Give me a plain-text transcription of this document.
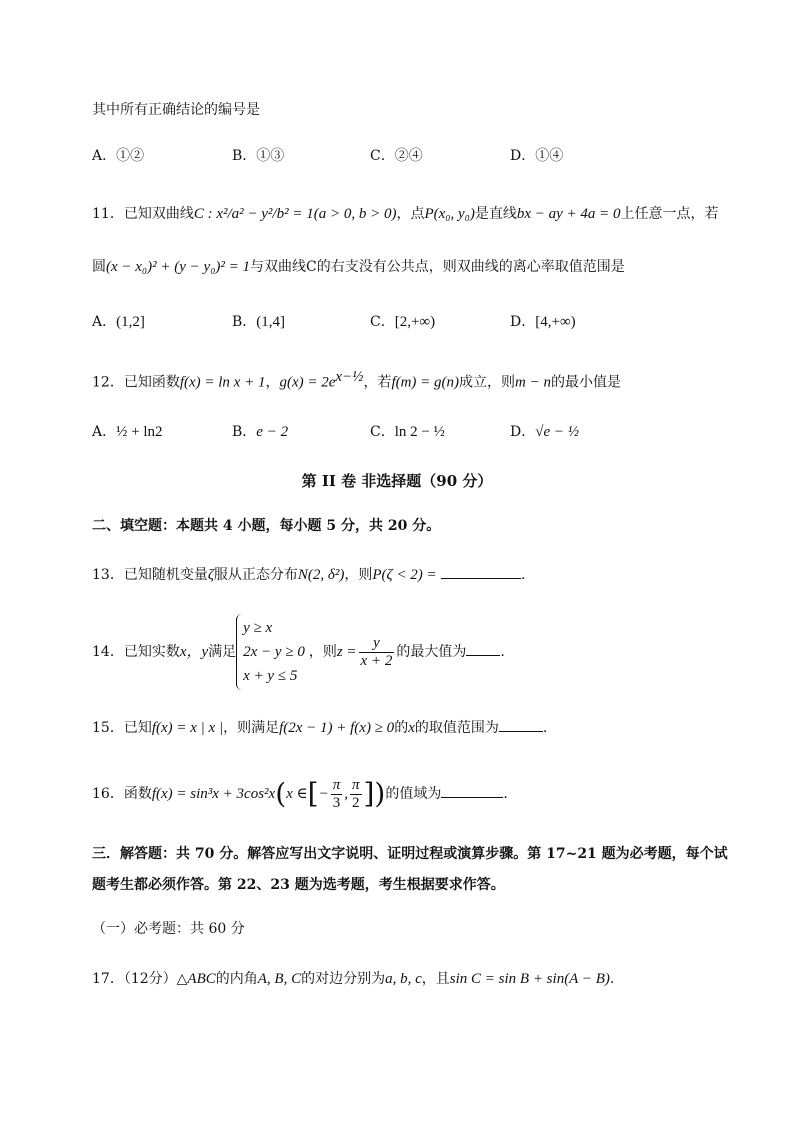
其中所有正确结论的编号是
A．①②	B．①③	C．②④	D．①④
11．已知双曲线C : x²/a² − y²/b² = 1(a > 0, b > 0)，点P(x₀, y₀)是直线bx − ay + 4a = 0上任意一点，若
圆(x − x₀)² + (y − y₀)² = 1与双曲线C的右支没有公共点，则双曲线的离心率取值范围是
A．(1,2]	B．(1,4]	C．[2,+∞)	D．[4,+∞)
12．已知函数f(x) = ln x + 1，$g(x) = 2e^{x-\frac{1}{2}}$，若f(m) = g(n)成立，则m − n的最小值是
A．½ + ln2	B．e − 2	C．ln 2 − ½	D．√e − ½
第 II 卷 非选择题（90 分）
二、填空题：本题共 4 小题，每小题 5 分，共 20 分。
13．已知随机变量ζ服从正态分布N(2, δ²)，则P(ζ < 2) =	.
14．已知实数x，y满足
y ≥ x
2x − y ≥ 0
x + y ≤ 5
，则$z = \frac{y}{x + 2}$ 的最大值为 .
15．已知f(x) = x | x |，则满足f(2x − 1) + f(x) ≥ 0的x的取值范围为	.
16．函数f(x) = sin³x + 3cos²x(x ∈[− $\frac{\pi}{3}$ , $\frac{\pi}{2}$ ])的值域为	.
三．解答题：共 70 分。解答应写出文字说明、证明过程或演算步骤。第 17~21 题为必考题，每个试
题考生都必须作答。第 22、23 题为选考题，考生根据要求作答。
（一）必考题：共 60 分
17．（12分）△ABC的内角A, B, C的对边分别为a, b, c，且sin C = sin B + sin(A − B).
